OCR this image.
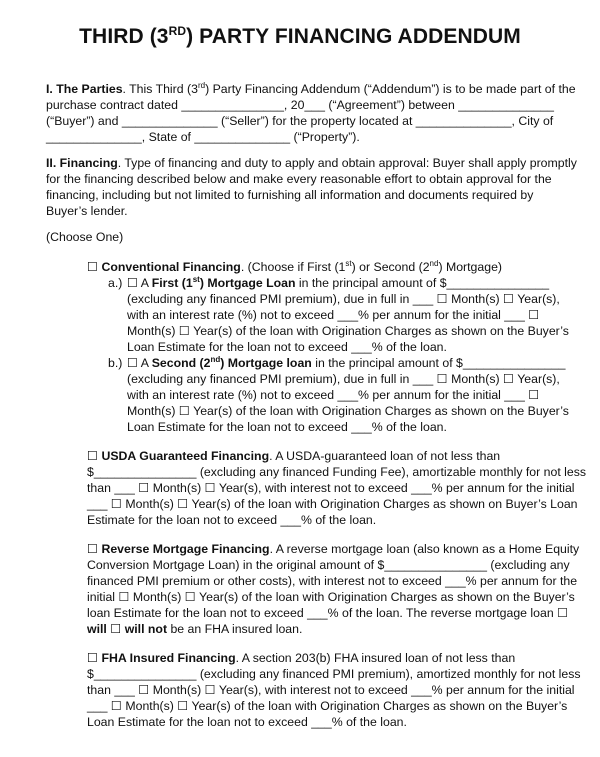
THIRD (3RD) PARTY FINANCING ADDENDUM
I. The Parties. This Third (3rd) Party Financing Addendum (“Addendum”) is to be made part of the
purchase contract dated _______________, 20___ (“Agreement”) between ______________
(“Buyer”) and ______________ (“Seller”) for the property located at ______________, City of
______________, State of ______________ (“Property”).
II. Financing. Type of financing and duty to apply and obtain approval: Buyer shall apply promptly
for the financing described below and make every reasonable effort to obtain approval for the
financing, including but not limited to furnishing all information and documents required by
Buyer’s lender.
(Choose One)
☐ Conventional Financing. (Choose if First (1st) or Second (2nd) Mortgage)
a.) ☐ A First (1st) Mortgage Loan in the principal amount of $_______________
(excluding any financed PMI premium), due in full in ___ ☐ Month(s) ☐ Year(s),
with an interest rate (%) not to exceed ___% per annum for the initial ___ ☐
Month(s) ☐ Year(s) of the loan with Origination Charges as shown on the Buyer’s
Loan Estimate for the loan not to exceed ___% of the loan.
b.) ☐ A Second (2nd) Mortgage loan in the principal amount of $_______________
(excluding any financed PMI premium), due in full in ___ ☐ Month(s) ☐ Year(s),
with an interest rate (%) not to exceed ___% per annum for the initial ___ ☐
Month(s) ☐ Year(s) of the loan with Origination Charges as shown on the Buyer’s
Loan Estimate for the loan not to exceed ___% of the loan.
☐ USDA Guaranteed Financing. A USDA-guaranteed loan of not less than
$_______________ (excluding any financed Funding Fee), amortizable monthly for not less
than ___ ☐ Month(s) ☐ Year(s), with interest not to exceed ___% per annum for the initial
___ ☐ Month(s) ☐ Year(s) of the loan with Origination Charges as shown on Buyer’s Loan
Estimate for the loan not to exceed ___% of the loan.
☐ Reverse Mortgage Financing. A reverse mortgage loan (also known as a Home Equity
Conversion Mortgage Loan) in the original amount of $_______________ (excluding any
financed PMI premium or other costs), with interest not to exceed ___% per annum for the
initial ☐ Month(s) ☐ Year(s) of the loan with Origination Charges as shown on the Buyer’s
loan Estimate for the loan not to exceed ___% of the loan. The reverse mortgage loan ☐
will ☐ will not be an FHA insured loan.
☐ FHA Insured Financing. A section 203(b) FHA insured loan of not less than
$_______________ (excluding any financed PMI premium), amortized monthly for not less
than ___ ☐ Month(s) ☐ Year(s), with interest not to exceed ___% per annum for the initial
___ ☐ Month(s) ☐ Year(s) of the loan with Origination Charges as shown on the Buyer’s
Loan Estimate for the loan not to exceed ___% of the loan.
